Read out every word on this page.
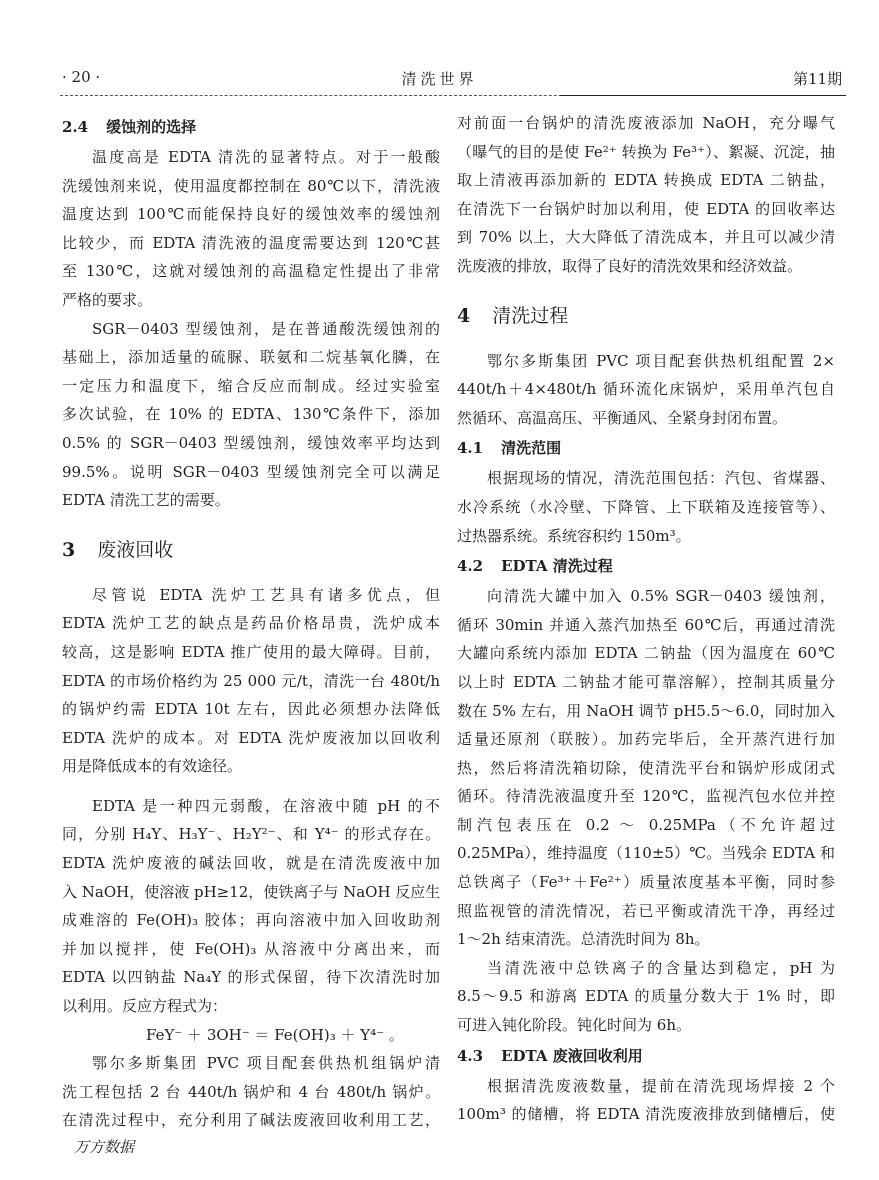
· 20 ·	清洗世界	第11期
2.4 缓蚀剂的选择
温度高是 EDTA 清洗的显著特点。对于一般酸
洗缓蚀剂来说，使用温度都控制在 80℃以下，清洗液
温度达到 100℃而能保持良好的缓蚀效率的缓蚀剂
比较少，而 EDTA 清洗液的温度需要达到 120℃甚
至 130℃，这就对缓蚀剂的高温稳定性提出了非常
严格的要求。
SGR－0403 型缓蚀剂，是在普通酸洗缓蚀剂的
基础上，添加适量的硫脲、联氨和二烷基氧化膦，在
一定压力和温度下，缩合反应而制成。经过实验室
多次试验，在 10% 的 EDTA、130℃条件下，添加
0.5% 的 SGR－0403 型缓蚀剂，缓蚀效率平均达到
99.5%。说明 SGR－0403 型缓蚀剂完全可以满足
EDTA 清洗工艺的需要。
3 废液回收
尽管说 EDTA 洗炉工艺具有诸多优点，但
EDTA 洗炉工艺的缺点是药品价格昂贵，洗炉成本
较高，这是影响 EDTA 推广使用的最大障碍。目前，
EDTA 的市场价格约为 25 000 元/t，清洗一台 480t/h
的锅炉约需 EDTA 10t 左右，因此必须想办法降低
EDTA 洗炉的成本。对 EDTA 洗炉废液加以回收利
用是降低成本的有效途径。
EDTA 是一种四元弱酸，在溶液中随 pH 的不
同，分别 H₄Y、H₃Y⁻、H₂Y²⁻、和 Y⁴⁻ 的形式存在。
EDTA 洗炉废液的碱法回收，就是在清洗废液中加
入 NaOH，使溶液 pH≥12，使铁离子与 NaOH 反应生
成难溶的 Fe(OH)₃ 胶体；再向溶液中加入回收助剂
并加以搅拌，使 Fe(OH)₃ 从溶液中分离出来，而
EDTA 以四钠盐 Na₄Y 的形式保留，待下次清洗时加
以利用。反应方程式为：
FeY⁻ ＋ 3OH⁻ ＝ Fe(OH)₃ ＋ Y⁴⁻ 。
鄂尔多斯集团 PVC 项目配套供热机组锅炉清
洗工程包括 2 台 440t/h 锅炉和 4 台 480t/h 锅炉。
在清洗过程中，充分利用了碱法废液回收利用工艺，
对前面一台锅炉的清洗废液添加 NaOH，充分曝气
（曝气的目的是使 Fe²⁺ 转换为 Fe³⁺）、絮凝、沉淀，抽
取上清液再添加新的 EDTA 转换成 EDTA 二钠盐，
在清洗下一台锅炉时加以利用，使 EDTA 的回收率达
到 70% 以上，大大降低了清洗成本，并且可以减少清
洗废液的排放，取得了良好的清洗效果和经济效益。
4 清洗过程
鄂尔多斯集团 PVC 项目配套供热机组配置 2×
440t/h＋4×480t/h 循环流化床锅炉，采用单汽包自
然循环、高温高压、平衡通风、全紧身封闭布置。
4.1 清洗范围
根据现场的情况，清洗范围包括：汽包、省煤器、
水冷系统（水冷壁、下降管、上下联箱及连接管等）、
过热器系统。系统容积约 150m³。
4.2 EDTA 清洗过程
向清洗大罐中加入 0.5% SGR－0403 缓蚀剂，
循环 30min 并通入蒸汽加热至 60℃后，再通过清洗
大罐向系统内添加 EDTA 二钠盐（因为温度在 60℃
以上时 EDTA 二钠盐才能可靠溶解），控制其质量分
数在 5% 左右，用 NaOH 调节 pH5.5～6.0，同时加入
适量还原剂（联胺）。加药完毕后，全开蒸汽进行加
热，然后将清洗箱切除，使清洗平台和锅炉形成闭式
循环。待清洗液温度升至 120℃，监视汽包水位并控
制汽包表压在 0.2 ～ 0.25MPa（不允许超过
0.25MPa），维持温度（110±5）℃。当残余 EDTA 和
总铁离子（Fe³⁺＋Fe²⁺）质量浓度基本平衡，同时参
照监视管的清洗情况，若已平衡或清洗干净，再经过
1～2h 结束清洗。总清洗时间为 8h。
当清洗液中总铁离子的含量达到稳定，pH 为
8.5～9.5 和游离 EDTA 的质量分数大于 1% 时，即
可进入钝化阶段。钝化时间为 6h。
4.3 EDTA 废液回收利用
根据清洗废液数量，提前在清洗现场焊接 2 个
100m³ 的储槽，将 EDTA 清洗废液排放到储槽后，使
万方数据
